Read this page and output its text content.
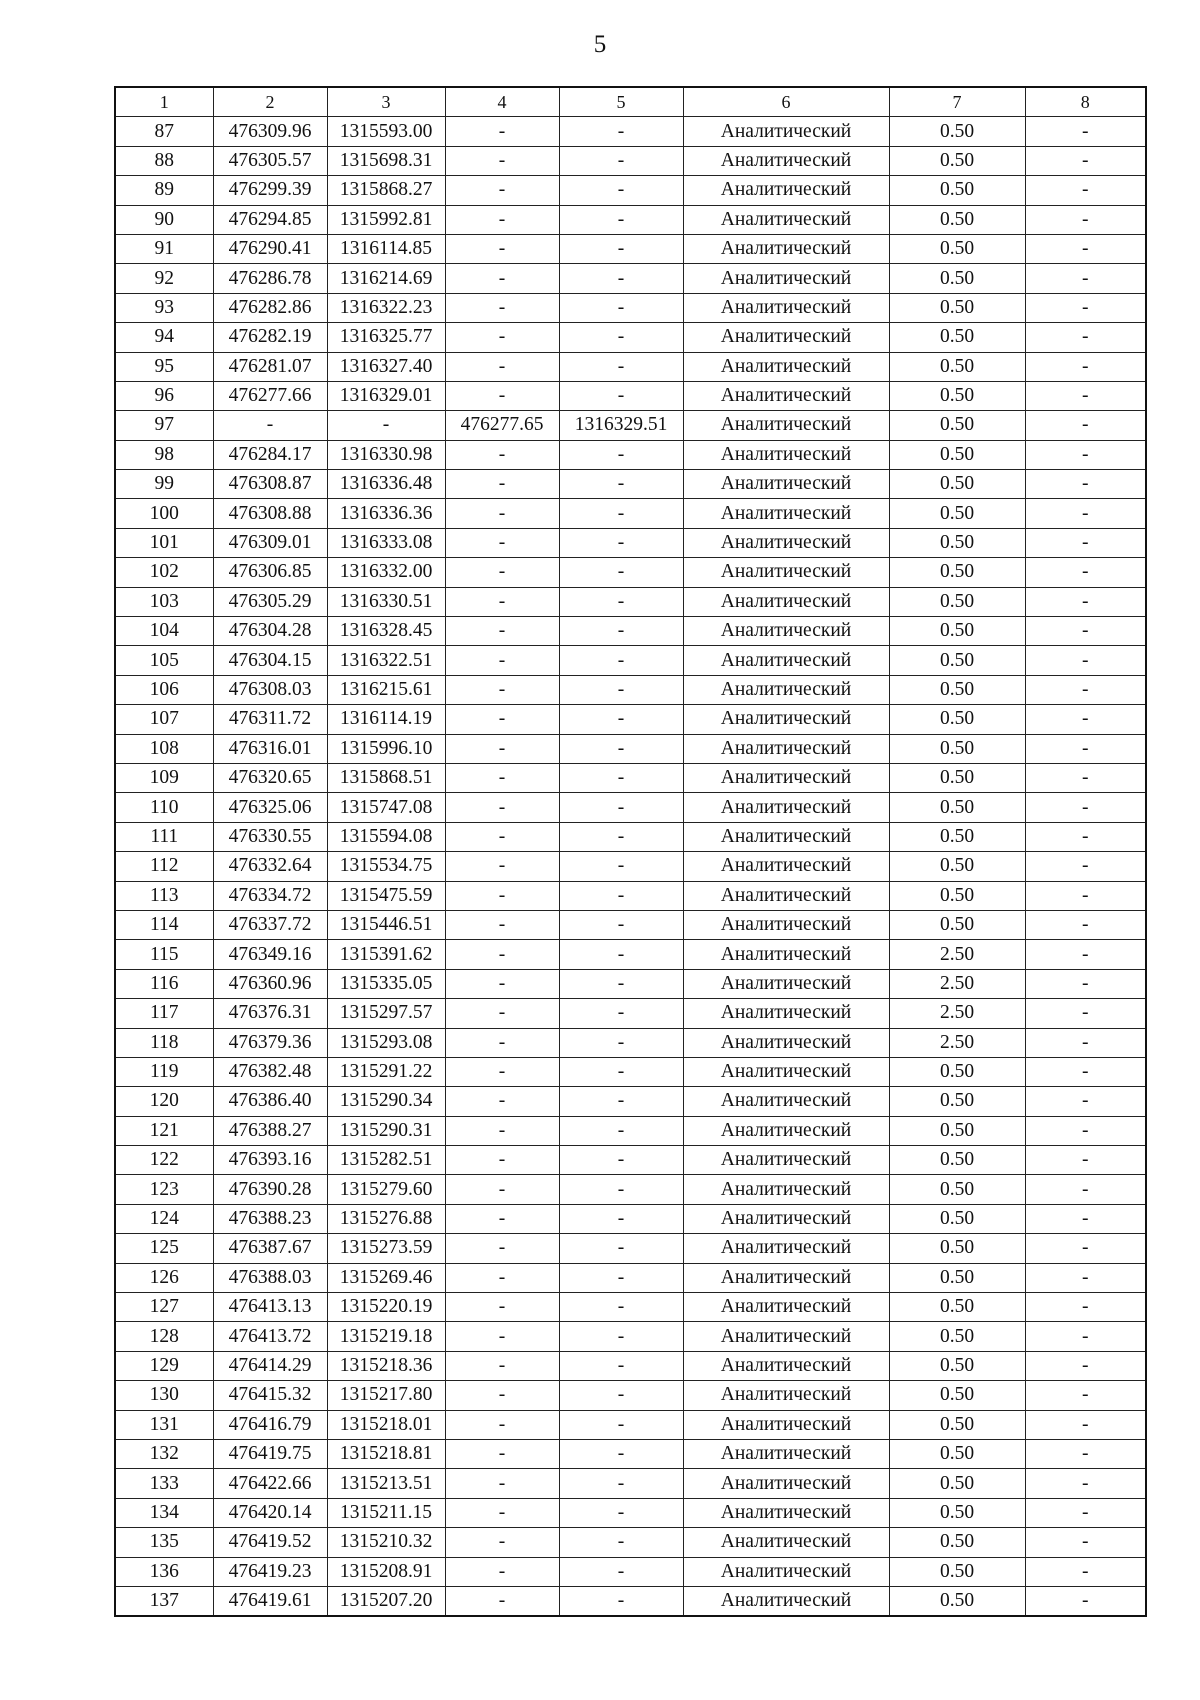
5
1	2	3	4	5	6	7	8
87	476309.96	1315593.00	-	-	Аналитический	0.50	-
88	476305.57	1315698.31	-	-	Аналитический	0.50	-
89	476299.39	1315868.27	-	-	Аналитический	0.50	-
90	476294.85	1315992.81	-	-	Аналитический	0.50	-
91	476290.41	1316114.85	-	-	Аналитический	0.50	-
92	476286.78	1316214.69	-	-	Аналитический	0.50	-
93	476282.86	1316322.23	-	-	Аналитический	0.50	-
94	476282.19	1316325.77	-	-	Аналитический	0.50	-
95	476281.07	1316327.40	-	-	Аналитический	0.50	-
96	476277.66	1316329.01	-	-	Аналитический	0.50	-
97	-	-	476277.65	1316329.51	Аналитический	0.50	-
98	476284.17	1316330.98	-	-	Аналитический	0.50	-
99	476308.87	1316336.48	-	-	Аналитический	0.50	-
100	476308.88	1316336.36	-	-	Аналитический	0.50	-
101	476309.01	1316333.08	-	-	Аналитический	0.50	-
102	476306.85	1316332.00	-	-	Аналитический	0.50	-
103	476305.29	1316330.51	-	-	Аналитический	0.50	-
104	476304.28	1316328.45	-	-	Аналитический	0.50	-
105	476304.15	1316322.51	-	-	Аналитический	0.50	-
106	476308.03	1316215.61	-	-	Аналитический	0.50	-
107	476311.72	1316114.19	-	-	Аналитический	0.50	-
108	476316.01	1315996.10	-	-	Аналитический	0.50	-
109	476320.65	1315868.51	-	-	Аналитический	0.50	-
110	476325.06	1315747.08	-	-	Аналитический	0.50	-
111	476330.55	1315594.08	-	-	Аналитический	0.50	-
112	476332.64	1315534.75	-	-	Аналитический	0.50	-
113	476334.72	1315475.59	-	-	Аналитический	0.50	-
114	476337.72	1315446.51	-	-	Аналитический	0.50	-
115	476349.16	1315391.62	-	-	Аналитический	2.50	-
116	476360.96	1315335.05	-	-	Аналитический	2.50	-
117	476376.31	1315297.57	-	-	Аналитический	2.50	-
118	476379.36	1315293.08	-	-	Аналитический	2.50	-
119	476382.48	1315291.22	-	-	Аналитический	0.50	-
120	476386.40	1315290.34	-	-	Аналитический	0.50	-
121	476388.27	1315290.31	-	-	Аналитический	0.50	-
122	476393.16	1315282.51	-	-	Аналитический	0.50	-
123	476390.28	1315279.60	-	-	Аналитический	0.50	-
124	476388.23	1315276.88	-	-	Аналитический	0.50	-
125	476387.67	1315273.59	-	-	Аналитический	0.50	-
126	476388.03	1315269.46	-	-	Аналитический	0.50	-
127	476413.13	1315220.19	-	-	Аналитический	0.50	-
128	476413.72	1315219.18	-	-	Аналитический	0.50	-
129	476414.29	1315218.36	-	-	Аналитический	0.50	-
130	476415.32	1315217.80	-	-	Аналитический	0.50	-
131	476416.79	1315218.01	-	-	Аналитический	0.50	-
132	476419.75	1315218.81	-	-	Аналитический	0.50	-
133	476422.66	1315213.51	-	-	Аналитический	0.50	-
134	476420.14	1315211.15	-	-	Аналитический	0.50	-
135	476419.52	1315210.32	-	-	Аналитический	0.50	-
136	476419.23	1315208.91	-	-	Аналитический	0.50	-
137	476419.61	1315207.20	-	-	Аналитический	0.50	-
